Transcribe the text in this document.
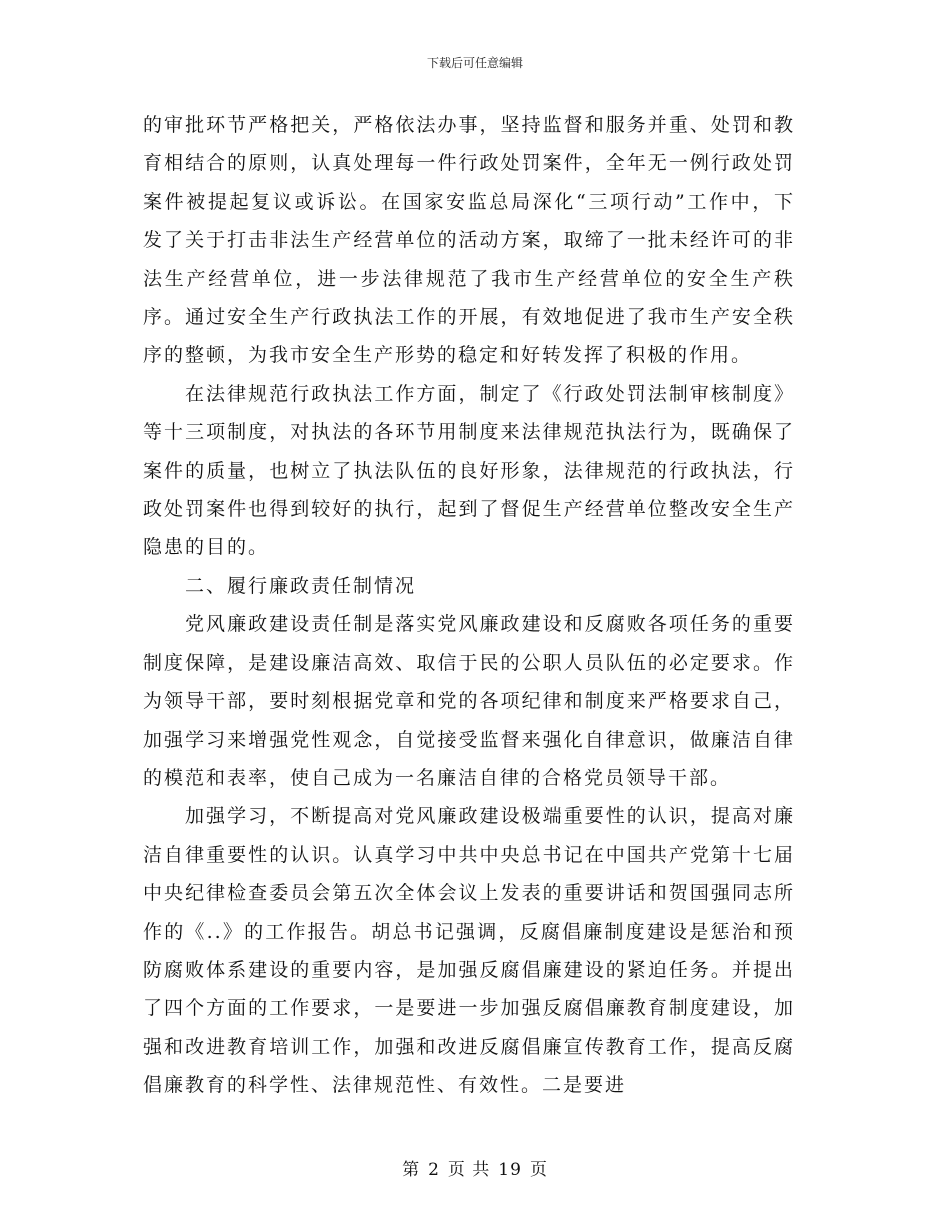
下载后可任意编辑

的审批环节严格把关，严格依法办事，坚持监督和服务并重、处罚和教育相结合的原则，认真处理每一件行政处罚案件，全年无一例行政处罚案件被提起复议或诉讼。在国家安监总局深化“三项行动”工作中，下发了关于打击非法生产经营单位的活动方案，取缔了一批未经许可的非法生产经营单位，进一步法律规范了我市生产经营单位的安全生产秩序。通过安全生产行政执法工作的开展，有效地促进了我市生产安全秩序的整顿，为我市安全生产形势的稳定和好转发挥了积极的作用。

在法律规范行政执法工作方面，制定了《行政处罚法制审核制度》等十三项制度，对执法的各环节用制度来法律规范执法行为，既确保了案件的质量，也树立了执法队伍的良好形象，法律规范的行政执法，行政处罚案件也得到较好的执行，起到了督促生产经营单位整改安全生产隐患的目的。

二、履行廉政责任制情况

党风廉政建设责任制是落实党风廉政建设和反腐败各项任务的重要制度保障，是建设廉洁高效、取信于民的公职人员队伍的必定要求。作为领导干部，要时刻根据党章和党的各项纪律和制度来严格要求自己，加强学习来增强党性观念，自觉接受监督来强化自律意识，做廉洁自律的模范和表率，使自己成为一名廉洁自律的合格党员领导干部。

加强学习，不断提高对党风廉政建设极端重要性的认识，提高对廉洁自律重要性的认识。认真学习中共中央总书记在中国共产党第十七届中央纪律检查委员会第五次全体会议上发表的重要讲话和贺国强同志所作的《..》的工作报告。胡总书记强调，反腐倡廉制度建设是惩治和预防腐败体系建设的重要内容，是加强反腐倡廉建设的紧迫任务。并提出了四个方面的工作要求，一是要进一步加强反腐倡廉教育制度建设，加强和改进教育培训工作，加强和改进反腐倡廉宣传教育工作，提高反腐倡廉教育的科学性、法律规范性、有效性。二是要进

第 2 页 共 19 页
